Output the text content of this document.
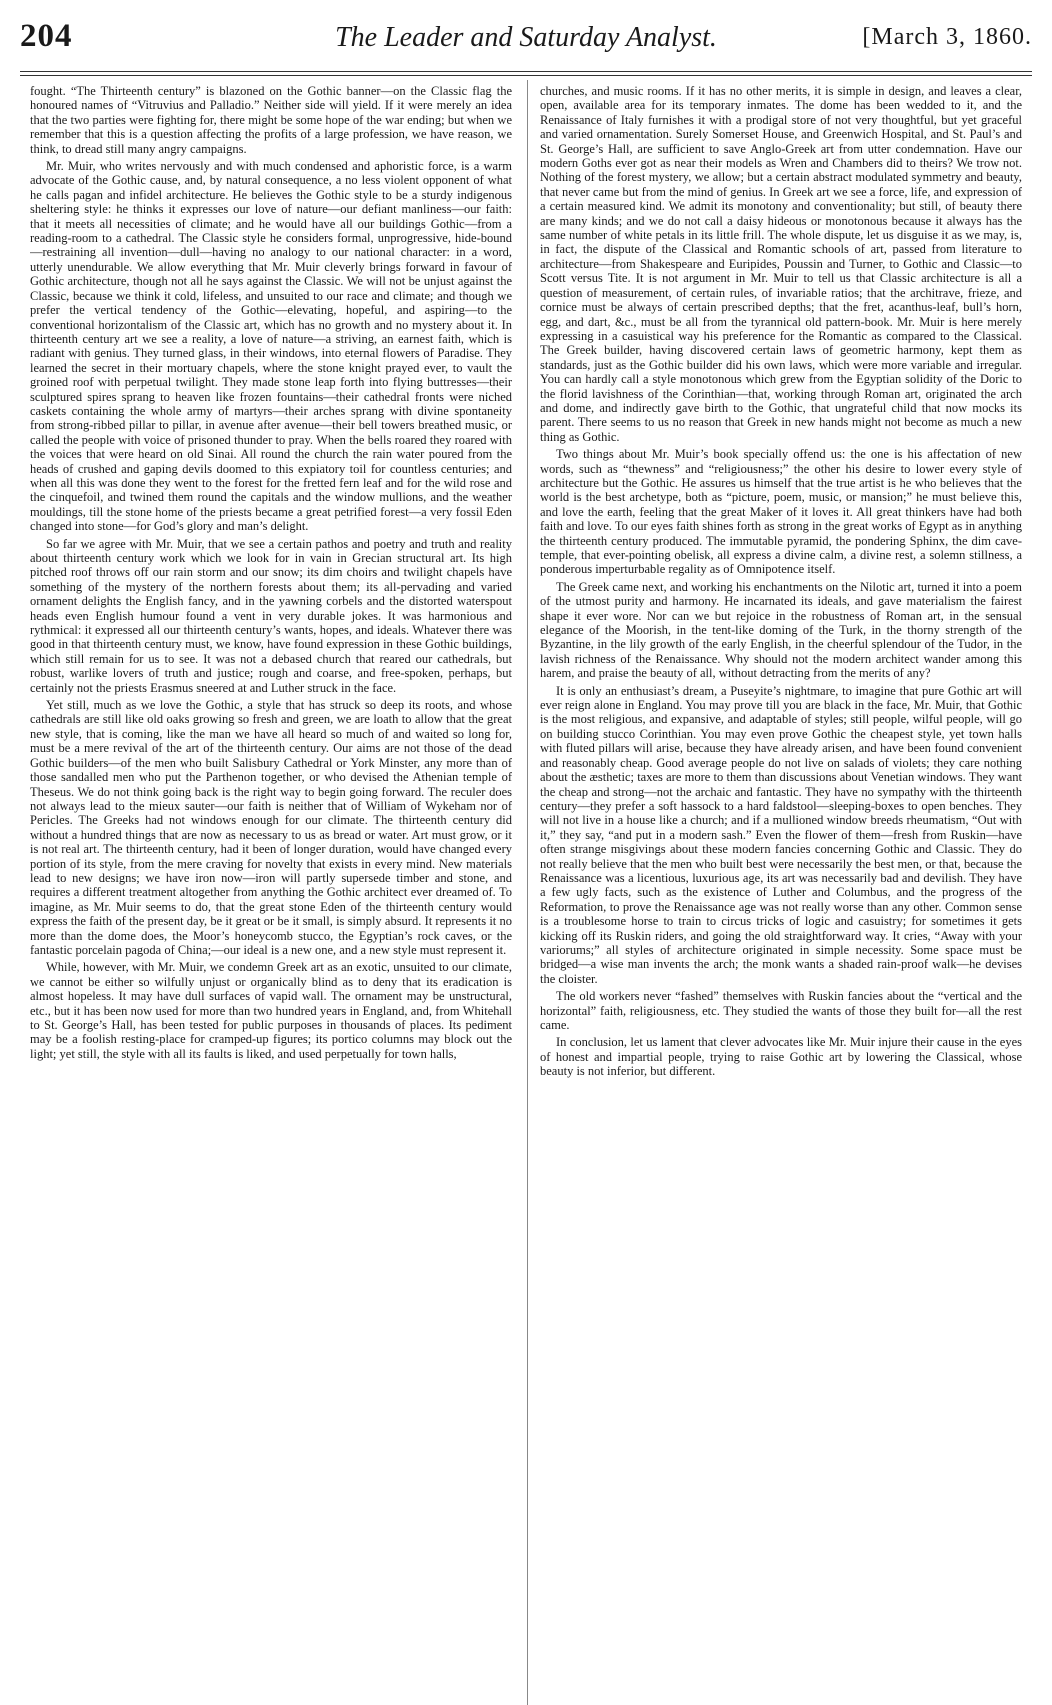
204	The Leader and Saturday Analyst.	[March 3, 1860.

fought. “The Thirteenth century” is blazoned on the Gothic banner—on the Classic flag the honoured names of “Vitruvius and Palladio.” Neither side will yield. If it were merely an idea that the two parties were fighting for, there might be some hope of the war ending; but when we remember that this is a question affecting the profits of a large profession, we have reason, we think, to dread still many angry campaigns.

Mr. Muir, who writes nervously and with much condensed and aphoristic force, is a warm advocate of the Gothic cause, and, by natural consequence, a no less violent opponent of what he calls pagan and infidel architecture. He believes the Gothic style to be a sturdy indigenous sheltering style: he thinks it expresses our love of nature—our defiant manliness—our faith: that it meets all necessities of climate; and he would have all our buildings Gothic—from a reading-room to a cathedral. The Classic style he considers formal, unprogressive, hide-bound—restraining all invention—dull—having no analogy to our national character: in a word, utterly unendurable. We allow everything that Mr. Muir cleverly brings forward in favour of Gothic architecture, though not all he says against the Classic. We will not be unjust against the Classic, because we think it cold, lifeless, and unsuited to our race and climate; and though we prefer the vertical tendency of the Gothic—elevating, hopeful, and aspiring—to the conventional horizontalism of the Classic art, which has no growth and no mystery about it. In thirteenth century art we see a reality, a love of nature—a striving, an earnest faith, which is radiant with genius. They turned glass, in their windows, into eternal flowers of Paradise. They learned the secret in their mortuary chapels, where the stone knight prayed ever, to vault the groined roof with perpetual twilight. They made stone leap forth into flying buttresses—their sculptured spires sprang to heaven like frozen fountains—their cathedral fronts were niched caskets containing the whole army of martyrs—their arches sprang with divine spontaneity from strong-ribbed pillar to pillar, in avenue after avenue—their bell towers breathed music, or called the people with voice of prisoned thunder to pray. When the bells roared they roared with the voices that were heard on old Sinai. All round the church the rain water poured from the heads of crushed and gaping devils doomed to this expiatory toil for countless centuries; and when all this was done they went to the forest for the fretted fern leaf and for the wild rose and the cinquefoil, and twined them round the capitals and the window mullions, and the weather mouldings, till the stone home of the priests became a great petrified forest—a very fossil Eden changed into stone—for God’s glory and man’s delight.

So far we agree with Mr. Muir, that we see a certain pathos and poetry and truth and reality about thirteenth century work which we look for in vain in Grecian structural art. Its high pitched roof throws off our rain storm and our snow; its dim choirs and twilight chapels have something of the mystery of the northern forests about them; its all-pervading and varied ornament delights the English fancy, and in the yawning corbels and the distorted waterspout heads even English humour found a vent in very durable jokes. It was harmonious and rythmical: it expressed all our thirteenth century’s wants, hopes, and ideals. Whatever there was good in that thirteenth century must, we know, have found expression in these Gothic buildings, which still remain for us to see. It was not a debased church that reared our cathedrals, but robust, warlike lovers of truth and justice; rough and coarse, and free-spoken, perhaps, but certainly not the priests Erasmus sneered at and Luther struck in the face.

Yet still, much as we love the Gothic, a style that has struck so deep its roots, and whose cathedrals are still like old oaks growing so fresh and green, we are loath to allow that the great new style, that is coming, like the man we have all heard so much of and waited so long for, must be a mere revival of the art of the thirteenth century. Our aims are not those of the dead Gothic builders—of the men who built Salisbury Cathedral or York Minster, any more than of those sandalled men who put the Parthenon together, or who devised the Athenian temple of Theseus. We do not think going back is the right way to begin going forward. The reculer does not always lead to the mieux sauter—our faith is neither that of William of Wykeham nor of Pericles. The Greeks had not windows enough for our climate. The thirteenth century did without a hundred things that are now as necessary to us as bread or water. Art must grow, or it is not real art. The thirteenth century, had it been of longer duration, would have changed every portion of its style, from the mere craving for novelty that exists in every mind. New materials lead to new designs; we have iron now—iron will partly supersede timber and stone, and requires a different treatment altogether from anything the Gothic architect ever dreamed of. To imagine, as Mr. Muir seems to do, that the great stone Eden of the thirteenth century would express the faith of the present day, be it great or be it small, is simply absurd. It represents it no more than the dome does, the Moor’s honeycomb stucco, the Egyptian’s rock caves, or the fantastic porcelain pagoda of China;—our ideal is a new one, and a new style must represent it.

While, however, with Mr. Muir, we condemn Greek art as an exotic, unsuited to our climate, we cannot be either so wilfully unjust or organically blind as to deny that its eradication is almost hopeless. It may have dull surfaces of vapid wall. The ornament may be unstructural, etc., but it has been now used for more than two hundred years in England, and, from Whitehall to St. George’s Hall, has been tested for public purposes in thousands of places. Its pediment may be a foolish resting-place for cramped-up figures; its portico columns may block out the light; yet still, the style with all its faults is liked, and used perpetually for town halls,

churches, and music rooms. If it has no other merits, it is simple in design, and leaves a clear, open, available area for its temporary inmates. The dome has been wedded to it, and the Renaissance of Italy furnishes it with a prodigal store of not very thoughtful, but yet graceful and varied ornamentation. Surely Somerset House, and Greenwich Hospital, and St. Paul’s and St. George’s Hall, are sufficient to save Anglo-Greek art from utter condemnation. Have our modern Goths ever got as near their models as Wren and Chambers did to theirs? We trow not. Nothing of the forest mystery, we allow; but a certain abstract modulated symmetry and beauty, that never came but from the mind of genius. In Greek art we see a force, life, and expression of a certain measured kind. We admit its monotony and conventionality; but still, of beauty there are many kinds; and we do not call a daisy hideous or monotonous because it always has the same number of white petals in its little frill. The whole dispute, let us disguise it as we may, is, in fact, the dispute of the Classical and Romantic schools of art, passed from literature to architecture—from Shakespeare and Euripides, Poussin and Turner, to Gothic and Classic—to Scott versus Tite. It is not argument in Mr. Muir to tell us that Classic architecture is all a question of measurement, of certain rules, of invariable ratios; that the architrave, frieze, and cornice must be always of certain prescribed depths; that the fret, acanthus-leaf, bull’s horn, egg, and dart, &c., must be all from the tyrannical old pattern-book. Mr. Muir is here merely expressing in a casuistical way his preference for the Romantic as compared to the Classical. The Greek builder, having discovered certain laws of geometric harmony, kept them as standards, just as the Gothic builder did his own laws, which were more variable and irregular. You can hardly call a style monotonous which grew from the Egyptian solidity of the Doric to the florid lavishness of the Corinthian—that, working through Roman art, originated the arch and dome, and indirectly gave birth to the Gothic, that ungrateful child that now mocks its parent. There seems to us no reason that Greek in new hands might not become as much a new thing as Gothic.

Two things about Mr. Muir’s book specially offend us: the one is his affectation of new words, such as “thewness” and “religiousness;” the other his desire to lower every style of architecture but the Gothic. He assures us himself that the true artist is he who believes that the world is the best archetype, both as “picture, poem, music, or mansion;” he must believe this, and love the earth, feeling that the great Maker of it loves it. All great thinkers have had both faith and love. To our eyes faith shines forth as strong in the great works of Egypt as in anything the thirteenth century produced. The immutable pyramid, the pondering Sphinx, the dim cave-temple, that ever-pointing obelisk, all express a divine calm, a divine rest, a solemn stillness, a ponderous imperturbable regality as of Omnipotence itself.

The Greek came next, and working his enchantments on the Nilotic art, turned it into a poem of the utmost purity and harmony. He incarnated its ideals, and gave materialism the fairest shape it ever wore. Nor can we but rejoice in the robustness of Roman art, in the sensual elegance of the Moorish, in the tent-like doming of the Turk, in the thorny strength of the Byzantine, in the lily growth of the early English, in the cheerful splendour of the Tudor, in the lavish richness of the Renaissance. Why should not the modern architect wander among this harem, and praise the beauty of all, without detracting from the merits of any?

It is only an enthusiast’s dream, a Puseyite’s nightmare, to imagine that pure Gothic art will ever reign alone in England. You may prove till you are black in the face, Mr. Muir, that Gothic is the most religious, and expansive, and adaptable of styles; still people, wilful people, will go on building stucco Corinthian. You may even prove Gothic the cheapest style, yet town halls with fluted pillars will arise, because they have already arisen, and have been found convenient and reasonably cheap. Good average people do not live on salads of violets; they care nothing about the æsthetic; taxes are more to them than discussions about Venetian windows. They want the cheap and strong—not the archaic and fantastic. They have no sympathy with the thirteenth century—they prefer a soft hassock to a hard faldstool—sleeping-boxes to open benches. They will not live in a house like a church; and if a mullioned window breeds rheumatism, “Out with it,” they say, “and put in a modern sash.” Even the flower of them—fresh from Ruskin—have often strange misgivings about these modern fancies concerning Gothic and Classic. They do not really believe that the men who built best were necessarily the best men, or that, because the Renaissance was a licentious, luxurious age, its art was necessarily bad and devilish. They have a few ugly facts, such as the existence of Luther and Columbus, and the progress of the Reformation, to prove the Renaissance age was not really worse than any other. Common sense is a troublesome horse to train to circus tricks of logic and casuistry; for sometimes it gets kicking off its Ruskin riders, and going the old straightforward way. It cries, “Away with your variorums;” all styles of architecture originated in simple necessity. Some space must be bridged—a wise man invents the arch; the monk wants a shaded rain-proof walk—he devises the cloister.

The old workers never “fashed” themselves with Ruskin fancies about the “vertical and the horizontal” faith, religiousness, etc. They studied the wants of those they built for—all the rest came.

In conclusion, let us lament that clever advocates like Mr. Muir injure their cause in the eyes of honest and impartial people, trying to raise Gothic art by lowering the Classical, whose beauty is not inferior, but different.
